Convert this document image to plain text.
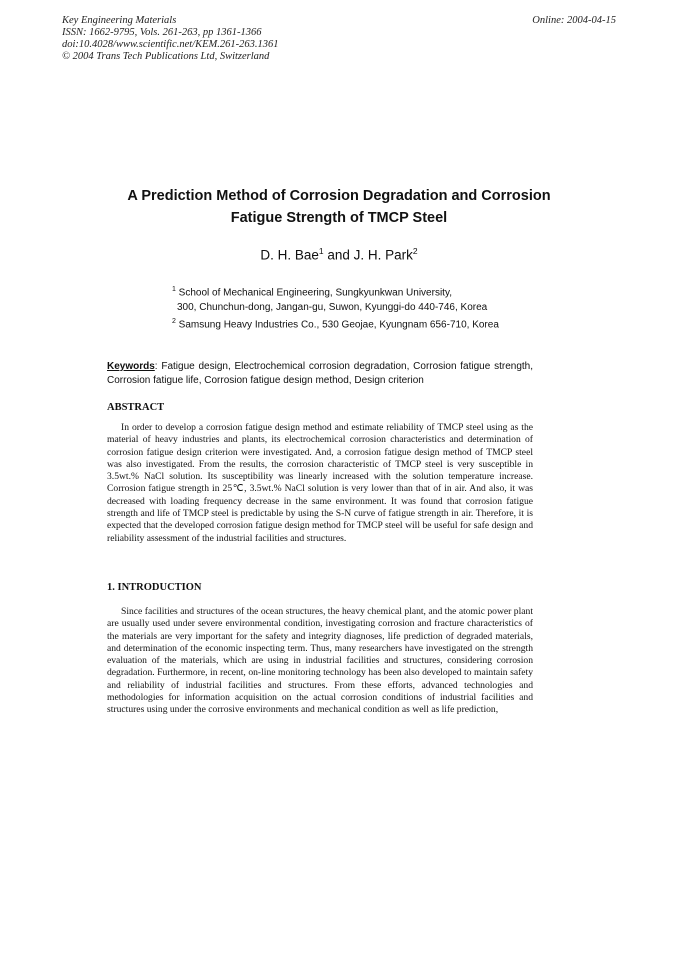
Key Engineering Materials
ISSN: 1662-9795, Vols. 261-263, pp 1361-1366
doi:10.4028/www.scientific.net/KEM.261-263.1361
© 2004 Trans Tech Publications Ltd, Switzerland
Online: 2004-04-15
A Prediction Method of Corrosion Degradation and Corrosion
Fatigue Strength of TMCP Steel
D. H. Bae$^1$ and J. H. Park$^2$
$^1$ School of Mechanical Engineering, Sungkyunkwan University,
300, Chunchun-dong, Jangan-gu, Suwon, Kyunggi-do 440-746, Korea
$^2$ Samsung Heavy Industries Co., 530 Geojae, Kyungnam 656-710, Korea
Keywords: Fatigue design, Electrochemical corrosion degradation, Corrosion fatigue strength, Corrosion fatigue life, Corrosion fatigue design method, Design criterion
ABSTRACT

In order to develop a corrosion fatigue design method and estimate reliability of TMCP steel using as the material of heavy industries and plants, its electrochemical corrosion characteristics and determination of corrosion fatigue design criterion were investigated. And, a corrosion fatigue design method of TMCP steel was also investigated. From the results, the corrosion characteristic of TMCP steel is very susceptible in 3.5wt.% NaCl solution. Its susceptibility was linearly increased with the solution temperature increase. Corrosion fatigue strength in 25℃, 3.5wt.% NaCl solution is very lower than that of in air. And also, it was decreased with loading frequency decrease in the same environment. It was found that corrosion fatigue strength and life of TMCP steel is predictable by using the S-N curve of fatigue strength in air. Therefore, it is expected that the developed corrosion fatigue design method for TMCP steel will be useful for safe design and reliability assessment of the industrial facilities and structures.

1. INTRODUCTION

Since facilities and structures of the ocean structures, the heavy chemical plant, and the atomic power plant are usually used under severe environmental condition, investigating corrosion and fracture characteristics of the materials are very important for the safety and integrity diagnoses, life prediction of degraded materials, and determination of the economic inspecting term. Thus, many researchers have investigated on the strength evaluation of the materials, which are using in industrial facilities and structures, considering corrosion degradation. Furthermore, in recent, on-line monitoring technology has been also developed to maintain safety and reliability of industrial facilities and structures. From these efforts, advanced technologies and methodologies for information acquisition on the actual corrosion conditions of industrial facilities and structures using under the corrosive environments and mechanical condition as well as life prediction,
